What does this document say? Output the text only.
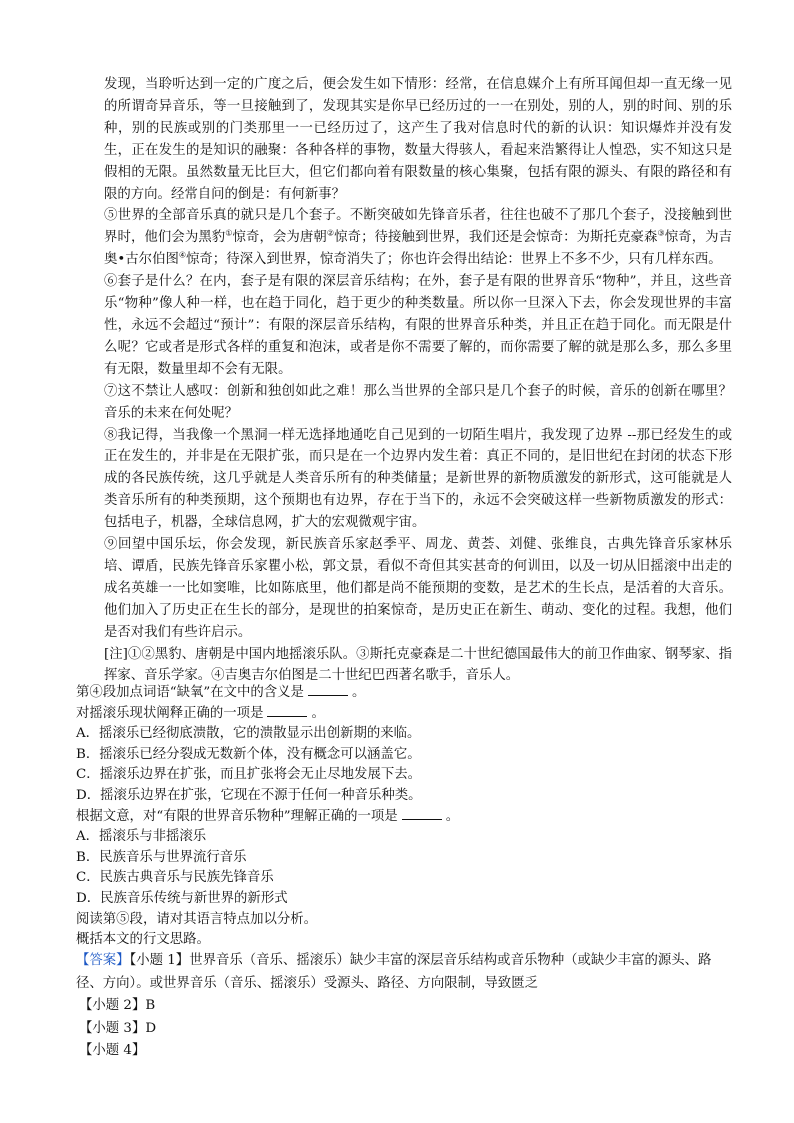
发现，当聆听达到一定的广度之后，便会发生如下情形：经常，在信息媒介上有所耳闻但却一直无缘一见的所谓奇异音乐，等一旦接触到了，发现其实是你早已经历过的一一在别处，别的人，别的时间、别的乐种，别的民族或别的门类那里一一已经历过了，这产生了我对信息时代的新的认识：知识爆炸并没有发生，正在发生的是知识的融聚：各种各样的事物，数量大得骇人，看起来浩繁得让人惶恐，实不知这只是假相的无限。虽然数量无比巨大，但它们都向着有限数量的核心集聚，包括有限的源头、有限的路径和有限的方向。经常自问的倒是：有何新事？

⑤世界的全部音乐真的就只是几个套子。不断突破如先锋音乐者，往往也破不了那几个套子，没接触到世界时，他们会为黑豹①惊奇，会为唐朝②惊奇；待接触到世界，我们还是会惊奇：为斯托克豪森③惊奇，为吉奥•古尔伯图④惊奇；待深入到世界，惊奇消失了；你也许会得出结论：世界上不多不少，只有几样东西。

⑥套子是什么？在内，套子是有限的深层音乐结构；在外，套子是有限的世界音乐“物种”，并且，这些音乐“物种”像人种一样，也在趋于同化，趋于更少的种类数量。所以你一旦深入下去，你会发现世界的丰富性，永远不会超过“预计”：有限的深层音乐结构，有限的世界音乐种类，并且正在趋于同化。而无限是什么呢？它或者是形式各样的重复和泡沫，或者是你不需要了解的，而你需要了解的就是那么多，那么多里有无限，数量里却不会有无限。

⑦这不禁让人感叹：创新和独创如此之难！那么当世界的全部只是几个套子的时候，音乐的创新在哪里？音乐的未来在何处呢？

⑧我记得，当我像一个黑洞一样无选择地通吃自己见到的一切陌生唱片，我发现了边界 --那已经发生的或正在发生的，并非是在无限扩张，而只是在一个边界内发生着：真正不同的，是旧世纪在封闭的状态下形成的各民族传统，这几乎就是人类音乐所有的种类储量；是新世界的新物质激发的新形式，这可能就是人类音乐所有的种类预期，这个预期也有边界，存在于当下的，永远不会突破这样一些新物质激发的形式：包括电子，机器，全球信息网，扩大的宏观微观宇宙。

⑨回望中国乐坛，你会发现，新民族音乐家赵季平、周龙、黄荟、刘健、张维良，古典先锋音乐家林乐培、谭盾，民族先锋音乐家瞿小松，郭文景，看似不奇但其实甚奇的何训田，以及一切从旧摇滚中出走的成名英雄一一比如窦唯，比如陈底里，他们都是尚不能预期的变数，是艺术的生长点，是活着的大音乐。他们加入了历史正在生长的部分，是现世的拍案惊奇，是历史正在新生、萌动、变化的过程。我想，他们是否对我们有些许启示。

[注]①②黑豹、唐朝是中国内地摇滚乐队。③斯托克豪森是二十世纪德国最伟大的前卫作曲家、钢琴家、指挥家、音乐学家。④吉奥吉尔伯图是二十世纪巴西著名歌手，音乐人。

第④段加点词语“缺氧”在文中的含义是	。

对摇滚乐现状阐释正确的一项是	。

A．摇滚乐已经彻底溃散，它的溃散显示出创新期的来临。

B．摇滚乐已经分裂成无数新个体，没有概念可以涵盖它。

C．摇滚乐边界在扩张，而且扩张将会无止尽地发展下去。

D．摇滚乐边界在扩张，它现在不源于任何一种音乐种类。

根据文意，对“有限的世界音乐物种”理解正确的一项是	。

A．摇滚乐与非摇滚乐

B．民族音乐与世界流行音乐

C．民族古典音乐与民族先锋音乐

D．民族音乐传统与新世界的新形式

阅读第⑤段，请对其语言特点加以分析。

概括本文的行文思路。

【答案】【小题 1】世界音乐（音乐、摇滚乐）缺少丰富的深层音乐结构或音乐物种（或缺少丰富的源头、路径、方向）。或世界音乐（音乐、摇滚乐）受源头、路径、方向限制，导致匮乏

【小题 2】B

【小题 3】D

【小题 4】
